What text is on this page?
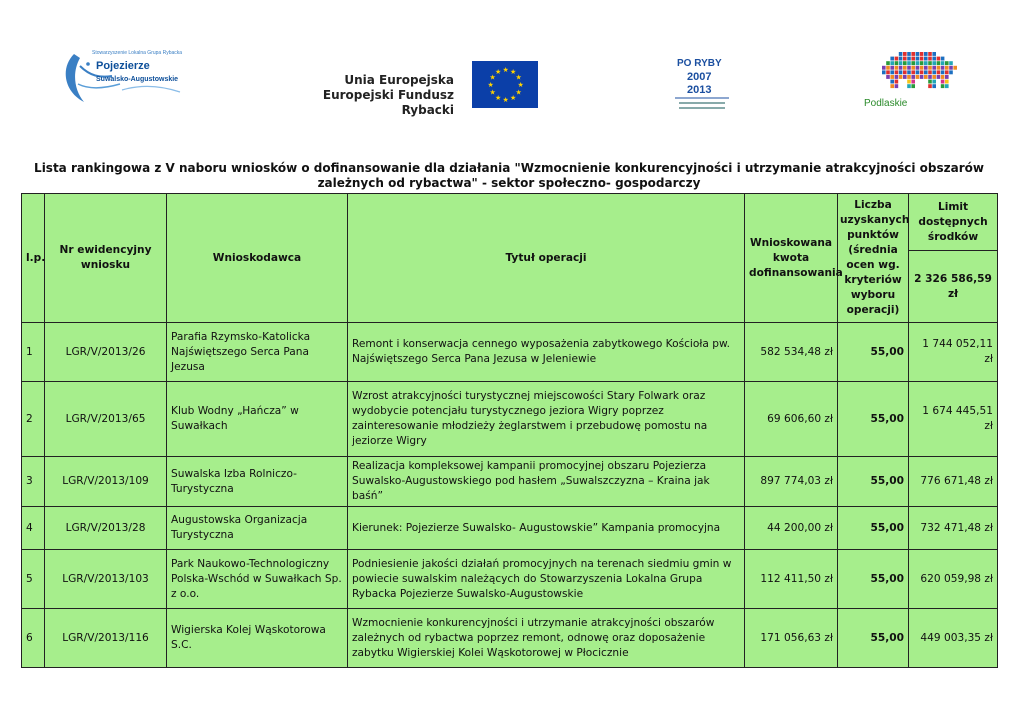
Stowarzyszenie Lokalna Grupa Rybacka
Pojezierze
Suwalsko-Augustowskie	Unia Europejska
Europejski Fundusz Rybacki
★
★
★
★
★
★
★
★
★ ★ ★
★
PO RYBY
2007
2013
Podlaskie
Lista rankingowa z V naboru wniosków o dofinansowanie dla działania "Wzmocnienie konkurencyjności i utrzymanie atrakcyjności obszarów zależnych od rybactwa" - sektor społeczno- gospodarczy
l.p.	Nr ewidencyjny wniosku	Wnioskodawca	Tytuł operacji	Wnioskowana kwota dofinansowania	Liczba uzyskanych punktów (średnia ocen wg. kryteriów wyboru operacji)	Limit dostępnych środków
						2 326 586,59 zł
1	LGR/V/2013/26	Parafia Rzymsko-Katolicka Najświętszego Serca Pana Jezusa	Remont i konserwacja cennego wyposażenia zabytkowego Kościoła pw. Najświętszego Serca Pana Jezusa w Jeleniewie	582 534,48 zł	55,00	1 744 052,11 zł
2	LGR/V/2013/65	Klub Wodny „Hańcza” w Suwałkach	Wzrost atrakcyjności turystycznej miejscowości Stary Folwark oraz wydobycie potencjału turystycznego jeziora Wigry poprzez zainteresowanie młodzieży żeglarstwem i przebudowę pomostu na jeziorze Wigry	69 606,60 zł	55,00	1 674 445,51 zł
3	LGR/V/2013/109	Suwalska Izba Rolniczo-Turystyczna	Realizacja kompleksowej kampanii promocyjnej obszaru Pojezierza Suwalsko-Augustowskiego pod hasłem „Suwalszczyzna – Kraina jak baśń”	897 774,03 zł	55,00	776 671,48 zł
4	LGR/V/2013/28	Augustowska Organizacja Turystyczna	Kierunek: Pojezierze Suwalsko- Augustowskie” Kampania promocyjna	44 200,00 zł	55,00	732 471,48 zł
5	LGR/V/2013/103	Park Naukowo-Technologiczny Polska-Wschód w Suwałkach Sp. z o.o.	Podniesienie jakości działań promocyjnych na terenach siedmiu gmin w powiecie suwalskim należących do Stowarzyszenia Lokalna Grupa Rybacka Pojezierze Suwalsko-Augustowskie	112 411,50 zł	55,00	620 059,98 zł
6	LGR/V/2013/116	Wigierska Kolej Wąskotorowa S.C.	Wzmocnienie konkurencyjności i utrzymanie atrakcyjności obszarów zależnych od rybactwa poprzez remont, odnowę oraz doposażenie zabytku Wigierskiej Kolei Wąskotorowej w Płocicznie	171 056,63 zł	55,00	449 003,35 zł
